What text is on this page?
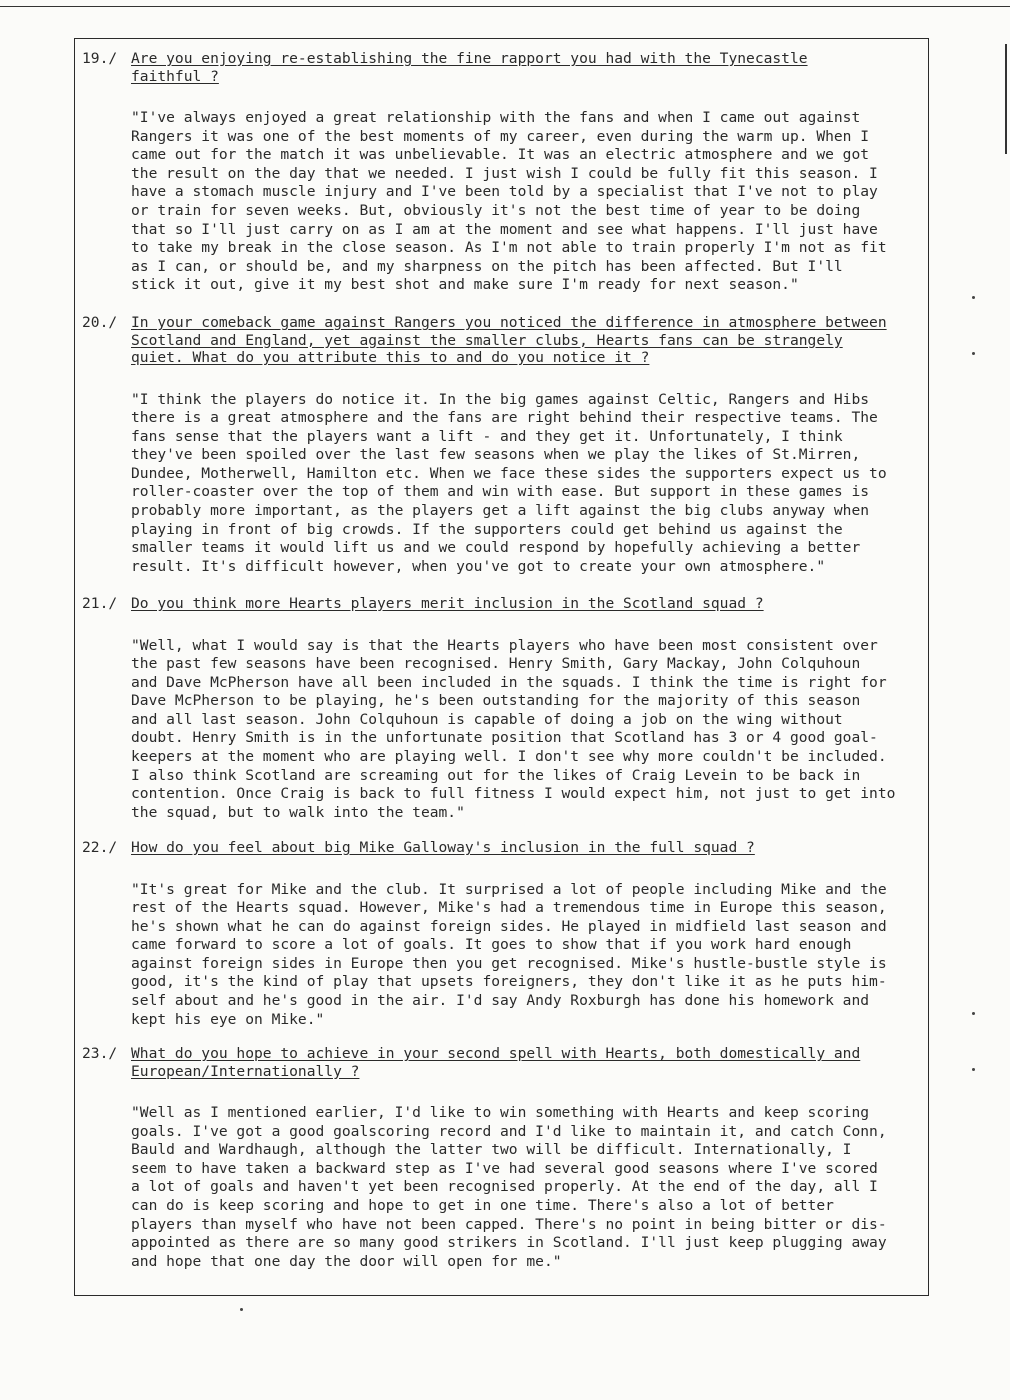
19./ Are you enjoying re-establishing the fine rapport you had with the Tynecastle
faithful ?
"I've always enjoyed a great relationship with the fans and when I came out against
Rangers it was one of the best moments of my career, even during the warm up. When I
came out for the match it was unbelievable. It was an electric atmosphere and we got
the result on the day that we needed. I just wish I could be fully fit this season. I
have a stomach muscle injury and I've been told by a specialist that I've not to play
or train for seven weeks. But, obviously it's not the best time of year to be doing
that so I'll just carry on as I am at the moment and see what happens. I'll just have
to take my break in the close season. As I'm not able to train properly I'm not as fit
as I can, or should be, and my sharpness on the pitch has been affected. But I'll
stick it out, give it my best shot and make sure I'm ready for next season."
20./ In your comeback game against Rangers you noticed the difference in atmosphere between
Scotland and England, yet against the smaller clubs, Hearts fans can be strangely
quiet. What do you attribute this to and do you notice it ?
"I think the players do notice it. In the big games against Celtic, Rangers and Hibs
there is a great atmosphere and the fans are right behind their respective teams. The
fans sense that the players want a lift - and they get it. Unfortunately, I think
they've been spoiled over the last few seasons when we play the likes of St.Mirren,
Dundee, Motherwell, Hamilton etc. When we face these sides the supporters expect us to
roller-coaster over the top of them and win with ease. But support in these games is
probably more important, as the players get a lift against the big clubs anyway when
playing in front of big crowds. If the supporters could get behind us against the
smaller teams it would lift us and we could respond by hopefully achieving a better
result. It's difficult however, when you've got to create your own atmosphere."
21./ Do you think more Hearts players merit inclusion in the Scotland squad ?
"Well, what I would say is that the Hearts players who have been most consistent over
the past few seasons have been recognised. Henry Smith, Gary Mackay, John Colquhoun
and Dave McPherson have all been included in the squads. I think the time is right for
Dave McPherson to be playing, he's been outstanding for the majority of this season
and all last season. John Colquhoun is capable of doing a job on the wing without
doubt. Henry Smith is in the unfortunate position that Scotland has 3 or 4 good goal-
keepers at the moment who are playing well. I don't see why more couldn't be included.
I also think Scotland are screaming out for the likes of Craig Levein to be back in
contention. Once Craig is back to full fitness I would expect him, not just to get into
the squad, but to walk into the team."
22./ How do you feel about big Mike Galloway's inclusion in the full squad ?
"It's great for Mike and the club. It surprised a lot of people including Mike and the
rest of the Hearts squad. However, Mike's had a tremendous time in Europe this season,
he's shown what he can do against foreign sides. He played in midfield last season and
came forward to score a lot of goals. It goes to show that if you work hard enough
against foreign sides in Europe then you get recognised. Mike's hustle-bustle style is
good, it's the kind of play that upsets foreigners, they don't like it as he puts him-
self about and he's good in the air. I'd say Andy Roxburgh has done his homework and
kept his eye on Mike."
23./ What do you hope to achieve in your second spell with Hearts, both domestically and
European/Internationally ?
"Well as I mentioned earlier, I'd like to win something with Hearts and keep scoring
goals. I've got a good goalscoring record and I'd like to maintain it, and catch Conn,
Bauld and Wardhaugh, although the latter two will be difficult. Internationally, I
seem to have taken a backward step as I've had several good seasons where I've scored
a lot of goals and haven't yet been recognised properly. At the end of the day, all I
can do is keep scoring and hope to get in one time. There's also a lot of better
players than myself who have not been capped. There's no point in being bitter or dis-
appointed as there are so many good strikers in Scotland. I'll just keep plugging away
and hope that one day the door will open for me."
